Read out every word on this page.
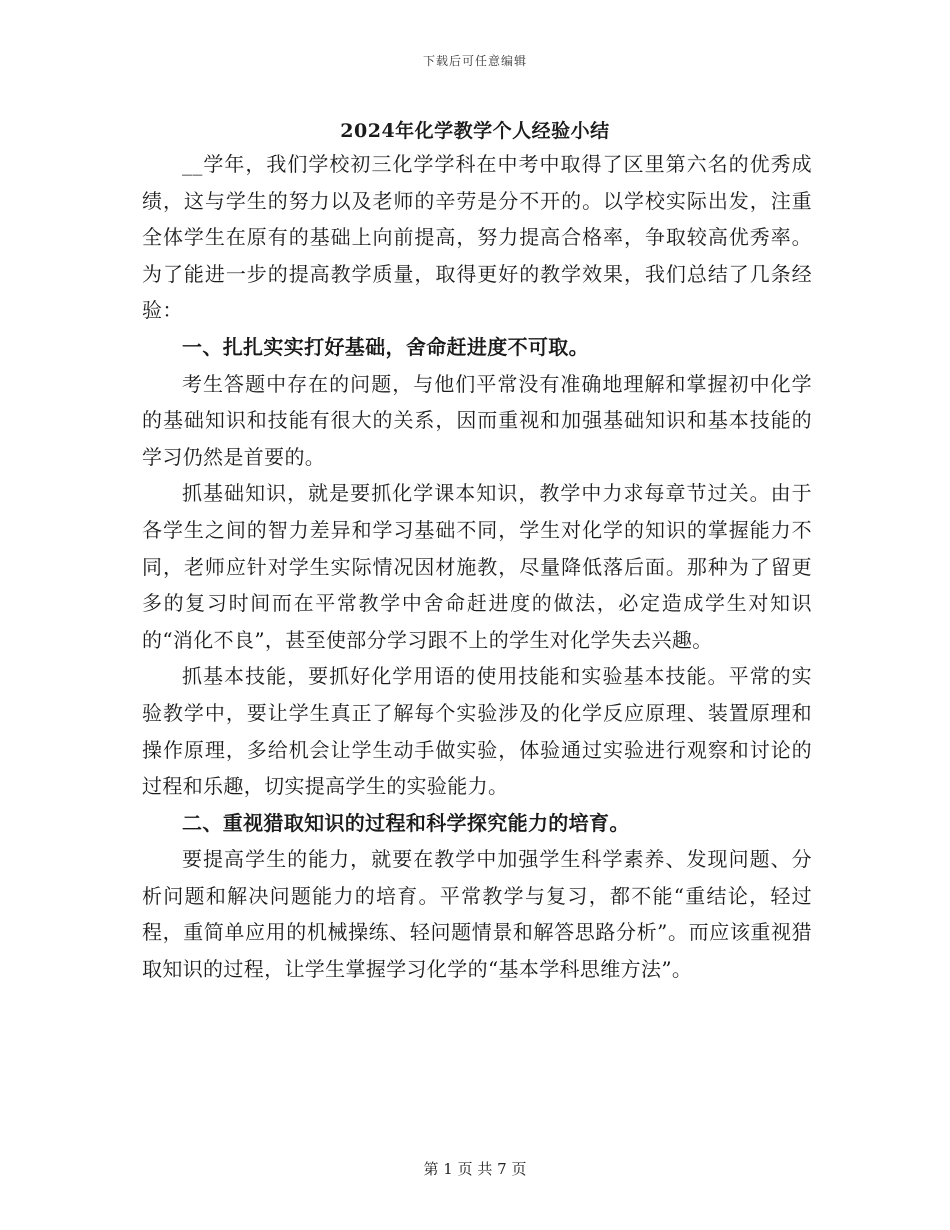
下载后可任意编辑
2024年化学教学个人经验小结

__学年，我们学校初三化学学科在中考中取得了区里第六名的优秀成绩，这与学生的努力以及老师的辛劳是分不开的。以学校实际出发，注重全体学生在原有的基础上向前提高，努力提高合格率，争取较高优秀率。为了能进一步的提高教学质量，取得更好的教学效果，我们总结了几条经验：

一、扎扎实实打好基础，舍命赶进度不可取。

考生答题中存在的问题，与他们平常没有准确地理解和掌握初中化学的基础知识和技能有很大的关系，因而重视和加强基础知识和基本技能的学习仍然是首要的。

抓基础知识，就是要抓化学课本知识，教学中力求每章节过关。由于各学生之间的智力差异和学习基础不同，学生对化学的知识的掌握能力不同，老师应针对学生实际情况因材施教，尽量降低落后面。那种为了留更多的复习时间而在平常教学中舍命赶进度的做法，必定造成学生对知识的“消化不良”，甚至使部分学习跟不上的学生对化学失去兴趣。

抓基本技能，要抓好化学用语的使用技能和实验基本技能。平常的实验教学中，要让学生真正了解每个实验涉及的化学反应原理、装置原理和操作原理，多给机会让学生动手做实验，体验通过实验进行观察和讨论的过程和乐趣，切实提高学生的实验能力。

二、重视猎取知识的过程和科学探究能力的培育。

要提高学生的能力，就要在教学中加强学生科学素养、发现问题、分析问题和解决问题能力的培育。平常教学与复习，都不能“重结论，轻过程，重简单应用的机械操练、轻问题情景和解答思路分析”。而应该重视猎取知识的过程，让学生掌握学习化学的“基本学科思维方法”。

第 1 页 共 7 页
